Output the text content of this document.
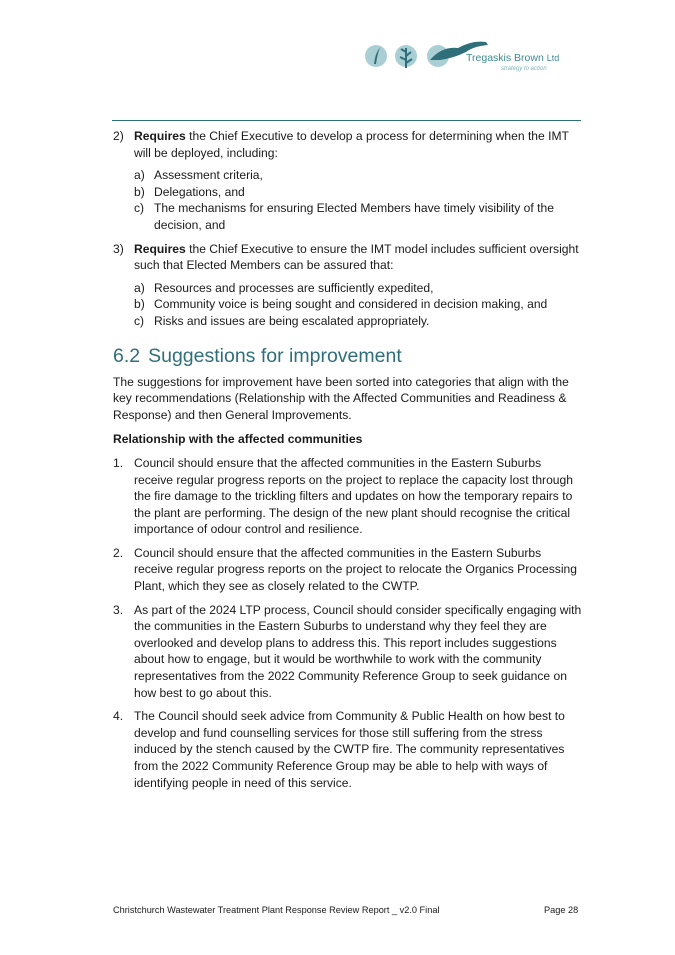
Tregaskis Brown Ltd
strategy to action
2) Requires the Chief Executive to develop a process for determining when the IMT will be deployed, including:
a) Assessment criteria,
b) Delegations, and
c) The mechanisms for ensuring Elected Members have timely visibility of the decision, and
3) Requires the Chief Executive to ensure the IMT model includes sufficient oversight such that Elected Members can be assured that:
a) Resources and processes are sufficiently expedited,
b) Community voice is being sought and considered in decision making, and
c) Risks and issues are being escalated appropriately.
6.2 Suggestions for improvement
The suggestions for improvement have been sorted into categories that align with the key recommendations (Relationship with the Affected Communities and Readiness & Response) and then General Improvements.
Relationship with the affected communities
1. Council should ensure that the affected communities in the Eastern Suburbs receive regular progress reports on the project to replace the capacity lost through the fire damage to the trickling filters and updates on how the temporary repairs to the plant are performing. The design of the new plant should recognise the critical importance of odour control and resilience.
2. Council should ensure that the affected communities in the Eastern Suburbs receive regular progress reports on the project to relocate the Organics Processing Plant, which they see as closely related to the CWTP.
3. As part of the 2024 LTP process, Council should consider specifically engaging with the communities in the Eastern Suburbs to understand why they feel they are overlooked and develop plans to address this. This report includes suggestions about how to engage, but it would be worthwhile to work with the community representatives from the 2022 Community Reference Group to seek guidance on how best to go about this.
4. The Council should seek advice from Community & Public Health on how best to develop and fund counselling services for those still suffering from the stress induced by the stench caused by the CWTP fire. The community representatives from the 2022 Community Reference Group may be able to help with ways of identifying people in need of this service.
Christchurch Wastewater Treatment Plant Response Review Report _ v2.0 Final	Page 28
